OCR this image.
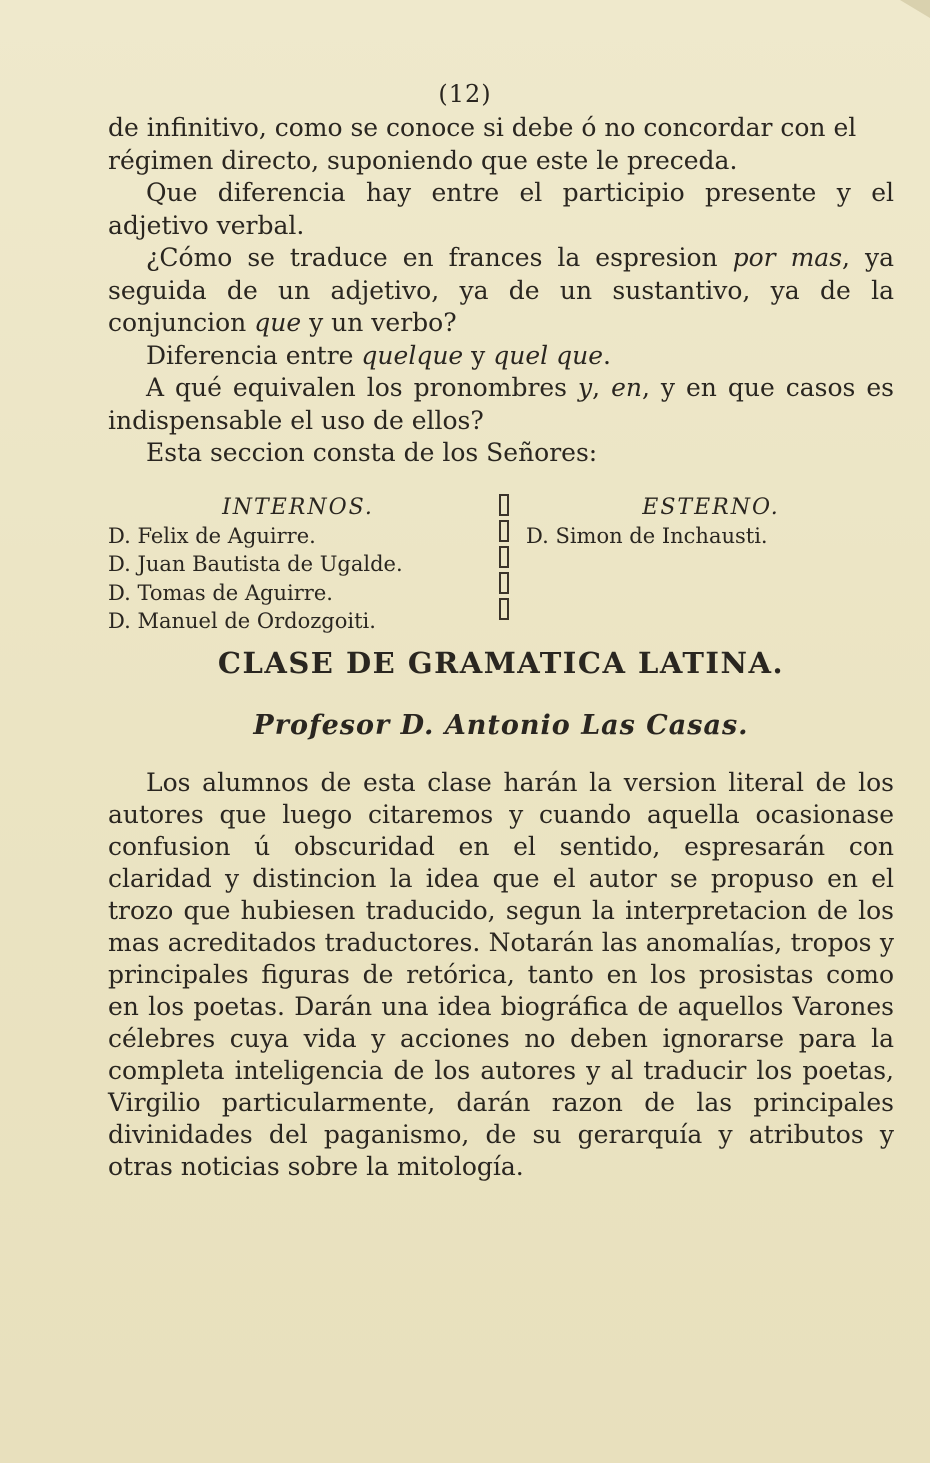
(12)

de infinitivo, como se conoce si debe ó no concordar con el régimen directo, suponiendo que este le preceda.

Que diferencia hay entre el participio presente y el adjetivo verbal.

¿Cómo se traduce en frances la espresion por mas, ya seguida de un adjetivo, ya de un sustantivo, ya de la conjuncion que y un verbo?

Diferencia entre quelque y quel que.

A qué equivalen los pronombres y, en, y en que casos es indispensable el uso de ellos?

Esta seccion consta de los Señores:

INTERNOS.
D. Felix de Aguirre.
D. Juan Bautista de Ugalde.
D. Tomas de Aguirre.
D. Manuel de Ordozgoiti.
ESTERNO.
D. Simon de Inchausti.
CLASE DE GRAMATICA LATINA.
Profesor D. Antonio Las Casas.

Los alumnos de esta clase harán la version literal de los autores que luego citaremos y cuando aquella ocasionase confusion ú obscuridad en el sentido, espresarán con claridad y distincion la idea que el autor se propuso en el trozo que hubiesen traducido, segun la interpretacion de los mas acreditados traductores. Notarán las anomalías, tropos y principales figuras de retórica, tanto en los prosistas como en los poetas. Darán una idea biográfica de aquellos Varones célebres cuya vida y acciones no deben ignorarse para la completa inteligencia de los autores y al traducir los poetas, Virgilio particularmente, darán razon de las principales divinidades del paganismo, de su gerarquía y atributos y otras noticias sobre la mitología.
